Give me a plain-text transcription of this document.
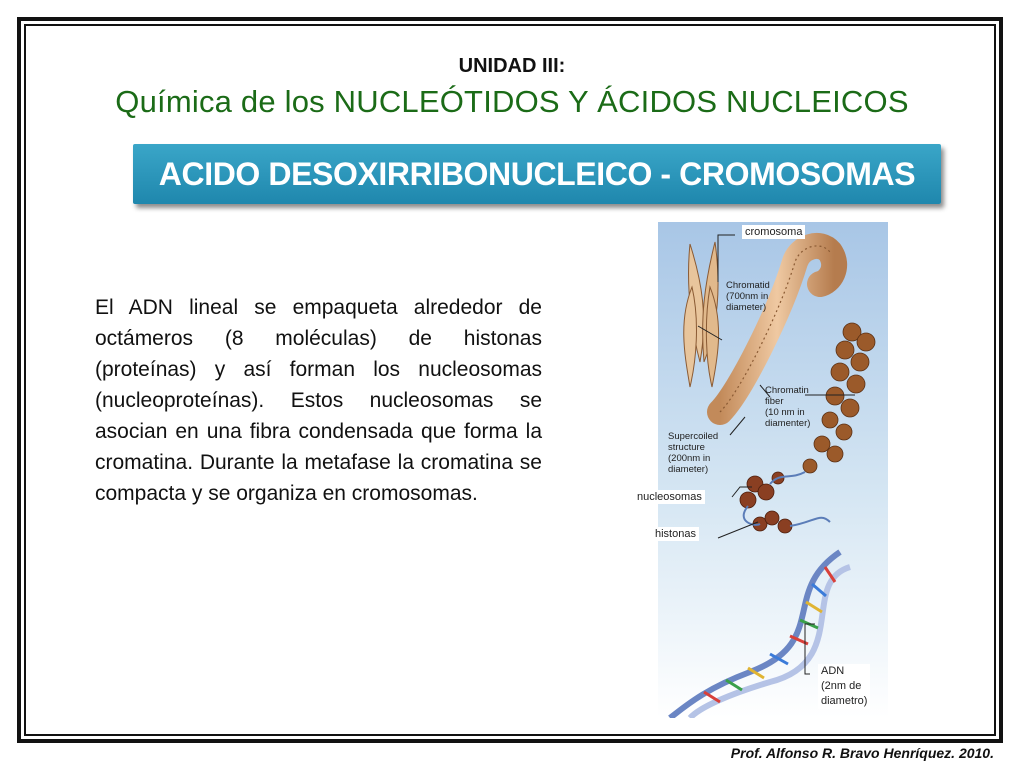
UNIDAD III:
Química de los NUCLEÓTIDOS Y ÁCIDOS NUCLEICOS
ACIDO DESOXIRRIBONUCLEICO - CROMOSOMAS

El ADN lineal se empaqueta alrededor de octámeros (8 moléculas) de histonas (proteínas) y así forman los nucleosomas (nucleoproteínas). Estos nucleosomas se asocian en una fibra condensada que forma la cromatina. Durante la metafase la cromatina se compacta y se organiza en cromosomas.

cromosoma
Chromatid
(700nm in
diameter)
Chromatin
fiber
(10 nm in
diamenter)
Supercoiled
structure
(200nm in
diameter)
nucleosomas
histonas
ADN
(2nm de
diametro)
Prof. Alfonso R. Bravo Henríquez. 2010.
